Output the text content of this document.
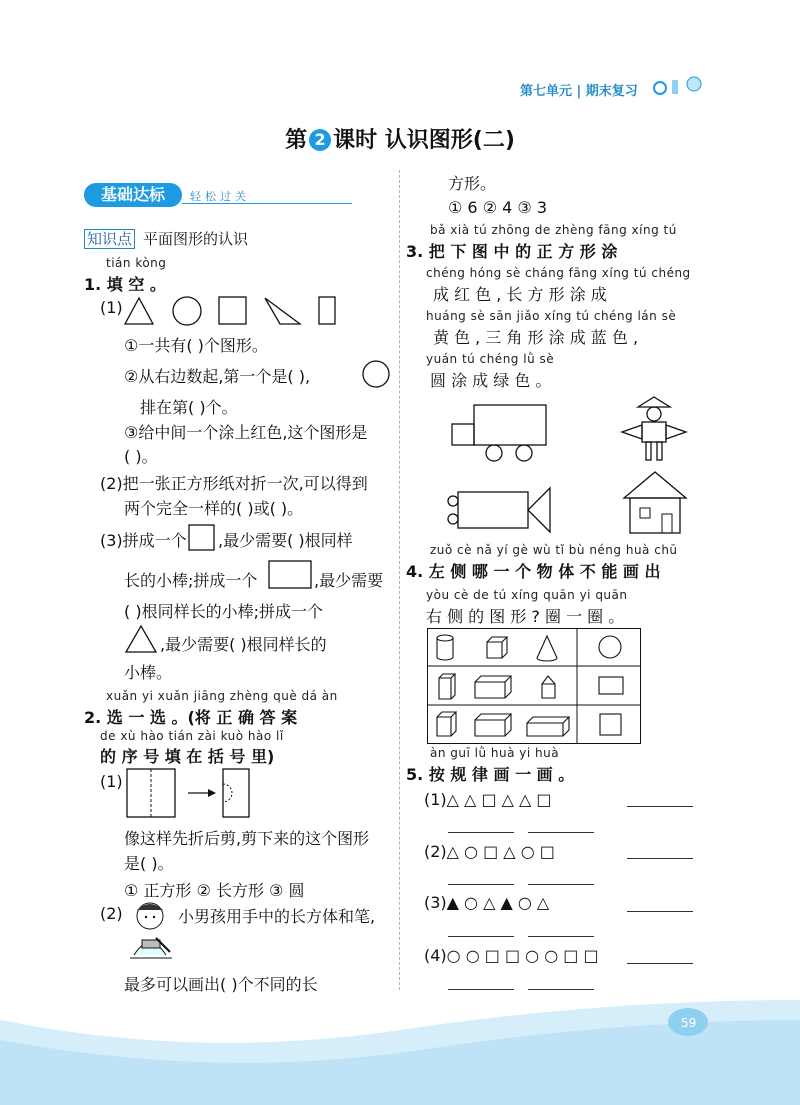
第七单元 | 期末复习
第 2 课时 认识图形(二)
基础达标	轻松过关
知识点 平面图形的认识
tián kòng
1. 填 空 。
(1)
①一共有( )个图形。
②从右边数起,第一个是( ),
排在第( )个。
③给中间一个涂上红色,这个图形是
( )。
(2)把一张正方形纸对折一次,可以得到
两个完全一样的( )或( )。
(3)拼成一个 ,最少需要( )根同样
长的小棒;拼成一个	,最少需要
( )根同样长的小棒;拼成一个
,最少需要( )根同样长的
小棒。
xuǎn yi xuǎn jiāng zhèng què dá àn
2. 选 一 选 。(将 正 确 答 案
de xù hào tián zài kuò hào lǐ
的 序 号 填 在 括 号 里)
(1)
像这样先折后剪,剪下来的这个图形
是( )。
① 正方形 ② 长方形 ③ 圆
(2)	小男孩用手中的长方体和笔,
最多可以画出( )个不同的长
方形。
① 6 ② 4 ③ 3
bǎ xià tú zhōng de zhèng fāng xíng tú
3. 把 下 图 中 的 正 方 形 涂
chéng hóng sè cháng fāng xíng tú chéng
成 红 色 , 长 方 形 涂 成
huáng sè sān jiǎo xíng tú chéng lán sè
黄 色 , 三 角 形 涂 成 蓝 色 ,
yuán tú chéng lǜ sè
圆 涂 成 绿 色 。
zuǒ cè nǎ yí gè wù tǐ bù néng huà chū
4. 左 侧 哪 一 个 物 体 不 能 画 出
yòu cè de tú xíng quān yi quān
右 侧 的 图 形 ? 圈 一 圈 。
àn guī lǜ huà yi huà
5. 按 规 律 画 一 画 。
(1)△ △ □ △ △ □
(2)△ ○ □ △ ○ □
(3)▲ ○ △ ▲ ○ △
(4)○ ○ □ □ ○ ○ □ □
59
